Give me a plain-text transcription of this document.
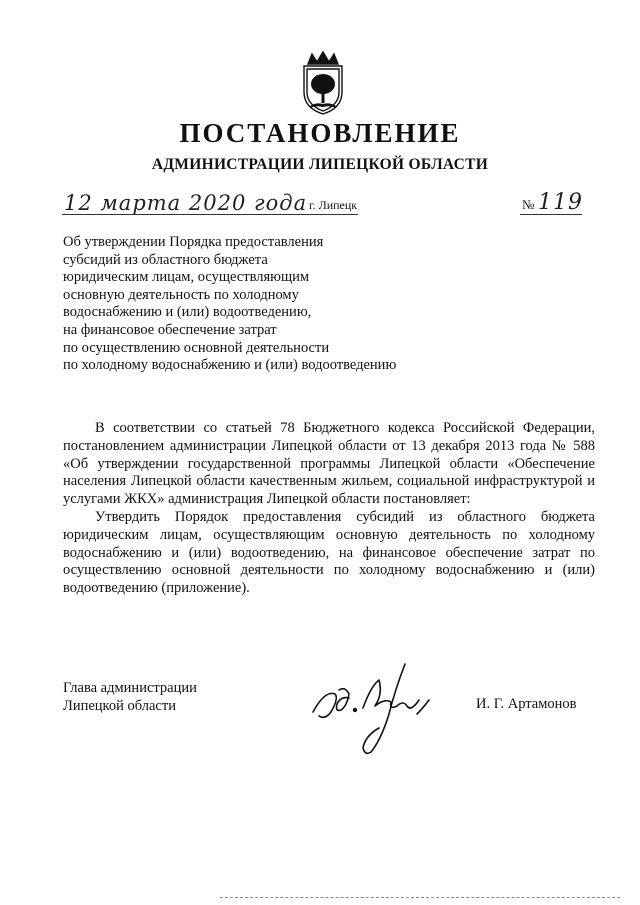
ПОСТАНОВЛЕНИЕ
АДМИНИСТРАЦИИ ЛИПЕЦКОЙ ОБЛАСТИ
12 марта 2020 года г. Липецк	№ 119
Об утверждении Порядка предоставления
субсидий из областного бюджета
юридическим лицам, осуществляющим
основную деятельность по холодному
водоснабжению и (или) водоотведению,
на финансовое обеспечение затрат
по осуществлению основной деятельности
по холодному водоснабжению и (или) водоотведению

В соответствии со статьей 78 Бюджетного кодекса Российской Федерации, постановлением администрации Липецкой области от 13 декабря 2013 года № 588 «Об утверждении государственной программы Липецкой области «Обеспечение населения Липецкой области качественным жильем, социальной инфраструктурой и услугами ЖКХ» администрация Липецкой области постановляет:

Утвердить Порядок предоставления субсидий из областного бюджета юридическим лицам, осуществляющим основную деятельность по холодному водоснабжению и (или) водоотведению, на финансовое обеспечение затрат по осуществлению основной деятельности по холодному водоснабжению и (или) водоотведению (приложение).

Глава администрации
Липецкой области	И. Г. Артамонов
